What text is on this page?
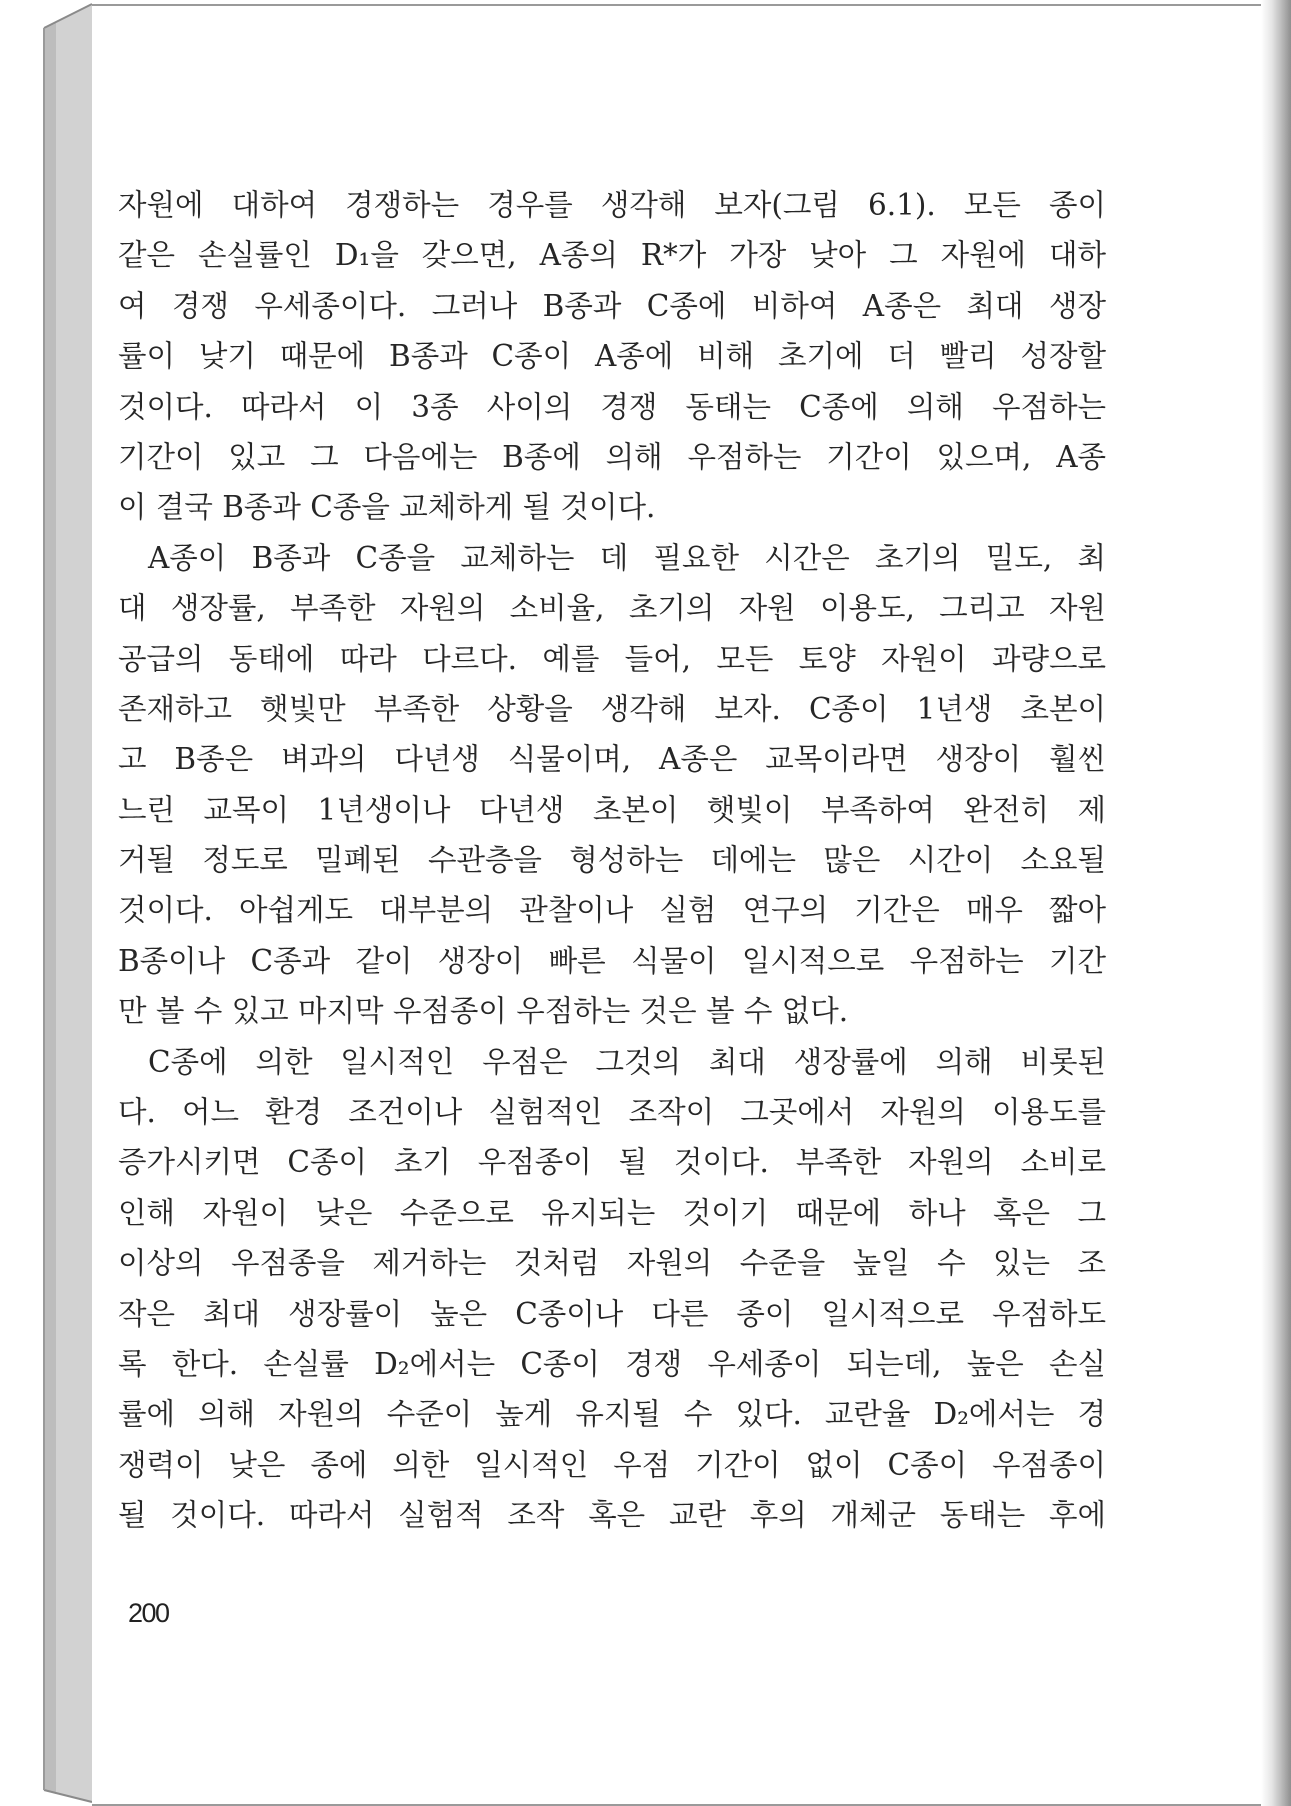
자원에 대하여 경쟁하는 경우를 생각해 보자(그림 6.1). 모든 종이
같은 손실률인 D₁을 갖으면, A종의 R*가 가장 낮아 그 자원에 대하
여 경쟁 우세종이다. 그러나 B종과 C종에 비하여 A종은 최대 생장
률이 낮기 때문에 B종과 C종이 A종에 비해 초기에 더 빨리 성장할
것이다. 따라서 이 3종 사이의 경쟁 동태는 C종에 의해 우점하는
기간이 있고 그 다음에는 B종에 의해 우점하는 기간이 있으며, A종
이 결국 B종과 C종을 교체하게 될 것이다.
A종이 B종과 C종을 교체하는 데 필요한 시간은 초기의 밀도, 최
대 생장률, 부족한 자원의 소비율, 초기의 자원 이용도, 그리고 자원
공급의 동태에 따라 다르다. 예를 들어, 모든 토양 자원이 과량으로
존재하고 햇빛만 부족한 상황을 생각해 보자. C종이 1년생 초본이
고 B종은 벼과의 다년생 식물이며, A종은 교목이라면 생장이 훨씬
느린 교목이 1년생이나 다년생 초본이 햇빛이 부족하여 완전히 제
거될 정도로 밀폐된 수관층을 형성하는 데에는 많은 시간이 소요될
것이다. 아쉽게도 대부분의 관찰이나 실험 연구의 기간은 매우 짧아
B종이나 C종과 같이 생장이 빠른 식물이 일시적으로 우점하는 기간
만 볼 수 있고 마지막 우점종이 우점하는 것은 볼 수 없다.
C종에 의한 일시적인 우점은 그것의 최대 생장률에 의해 비롯된
다. 어느 환경 조건이나 실험적인 조작이 그곳에서 자원의 이용도를
증가시키면 C종이 초기 우점종이 될 것이다. 부족한 자원의 소비로
인해 자원이 낮은 수준으로 유지되는 것이기 때문에 하나 혹은 그
이상의 우점종을 제거하는 것처럼 자원의 수준을 높일 수 있는 조
작은 최대 생장률이 높은 C종이나 다른 종이 일시적으로 우점하도
록 한다. 손실률 D₂에서는 C종이 경쟁 우세종이 되는데, 높은 손실
률에 의해 자원의 수준이 높게 유지될 수 있다. 교란율 D₂에서는 경
쟁력이 낮은 종에 의한 일시적인 우점 기간이 없이 C종이 우점종이
될 것이다. 따라서 실험적 조작 혹은 교란 후의 개체군 동태는 후에
200
